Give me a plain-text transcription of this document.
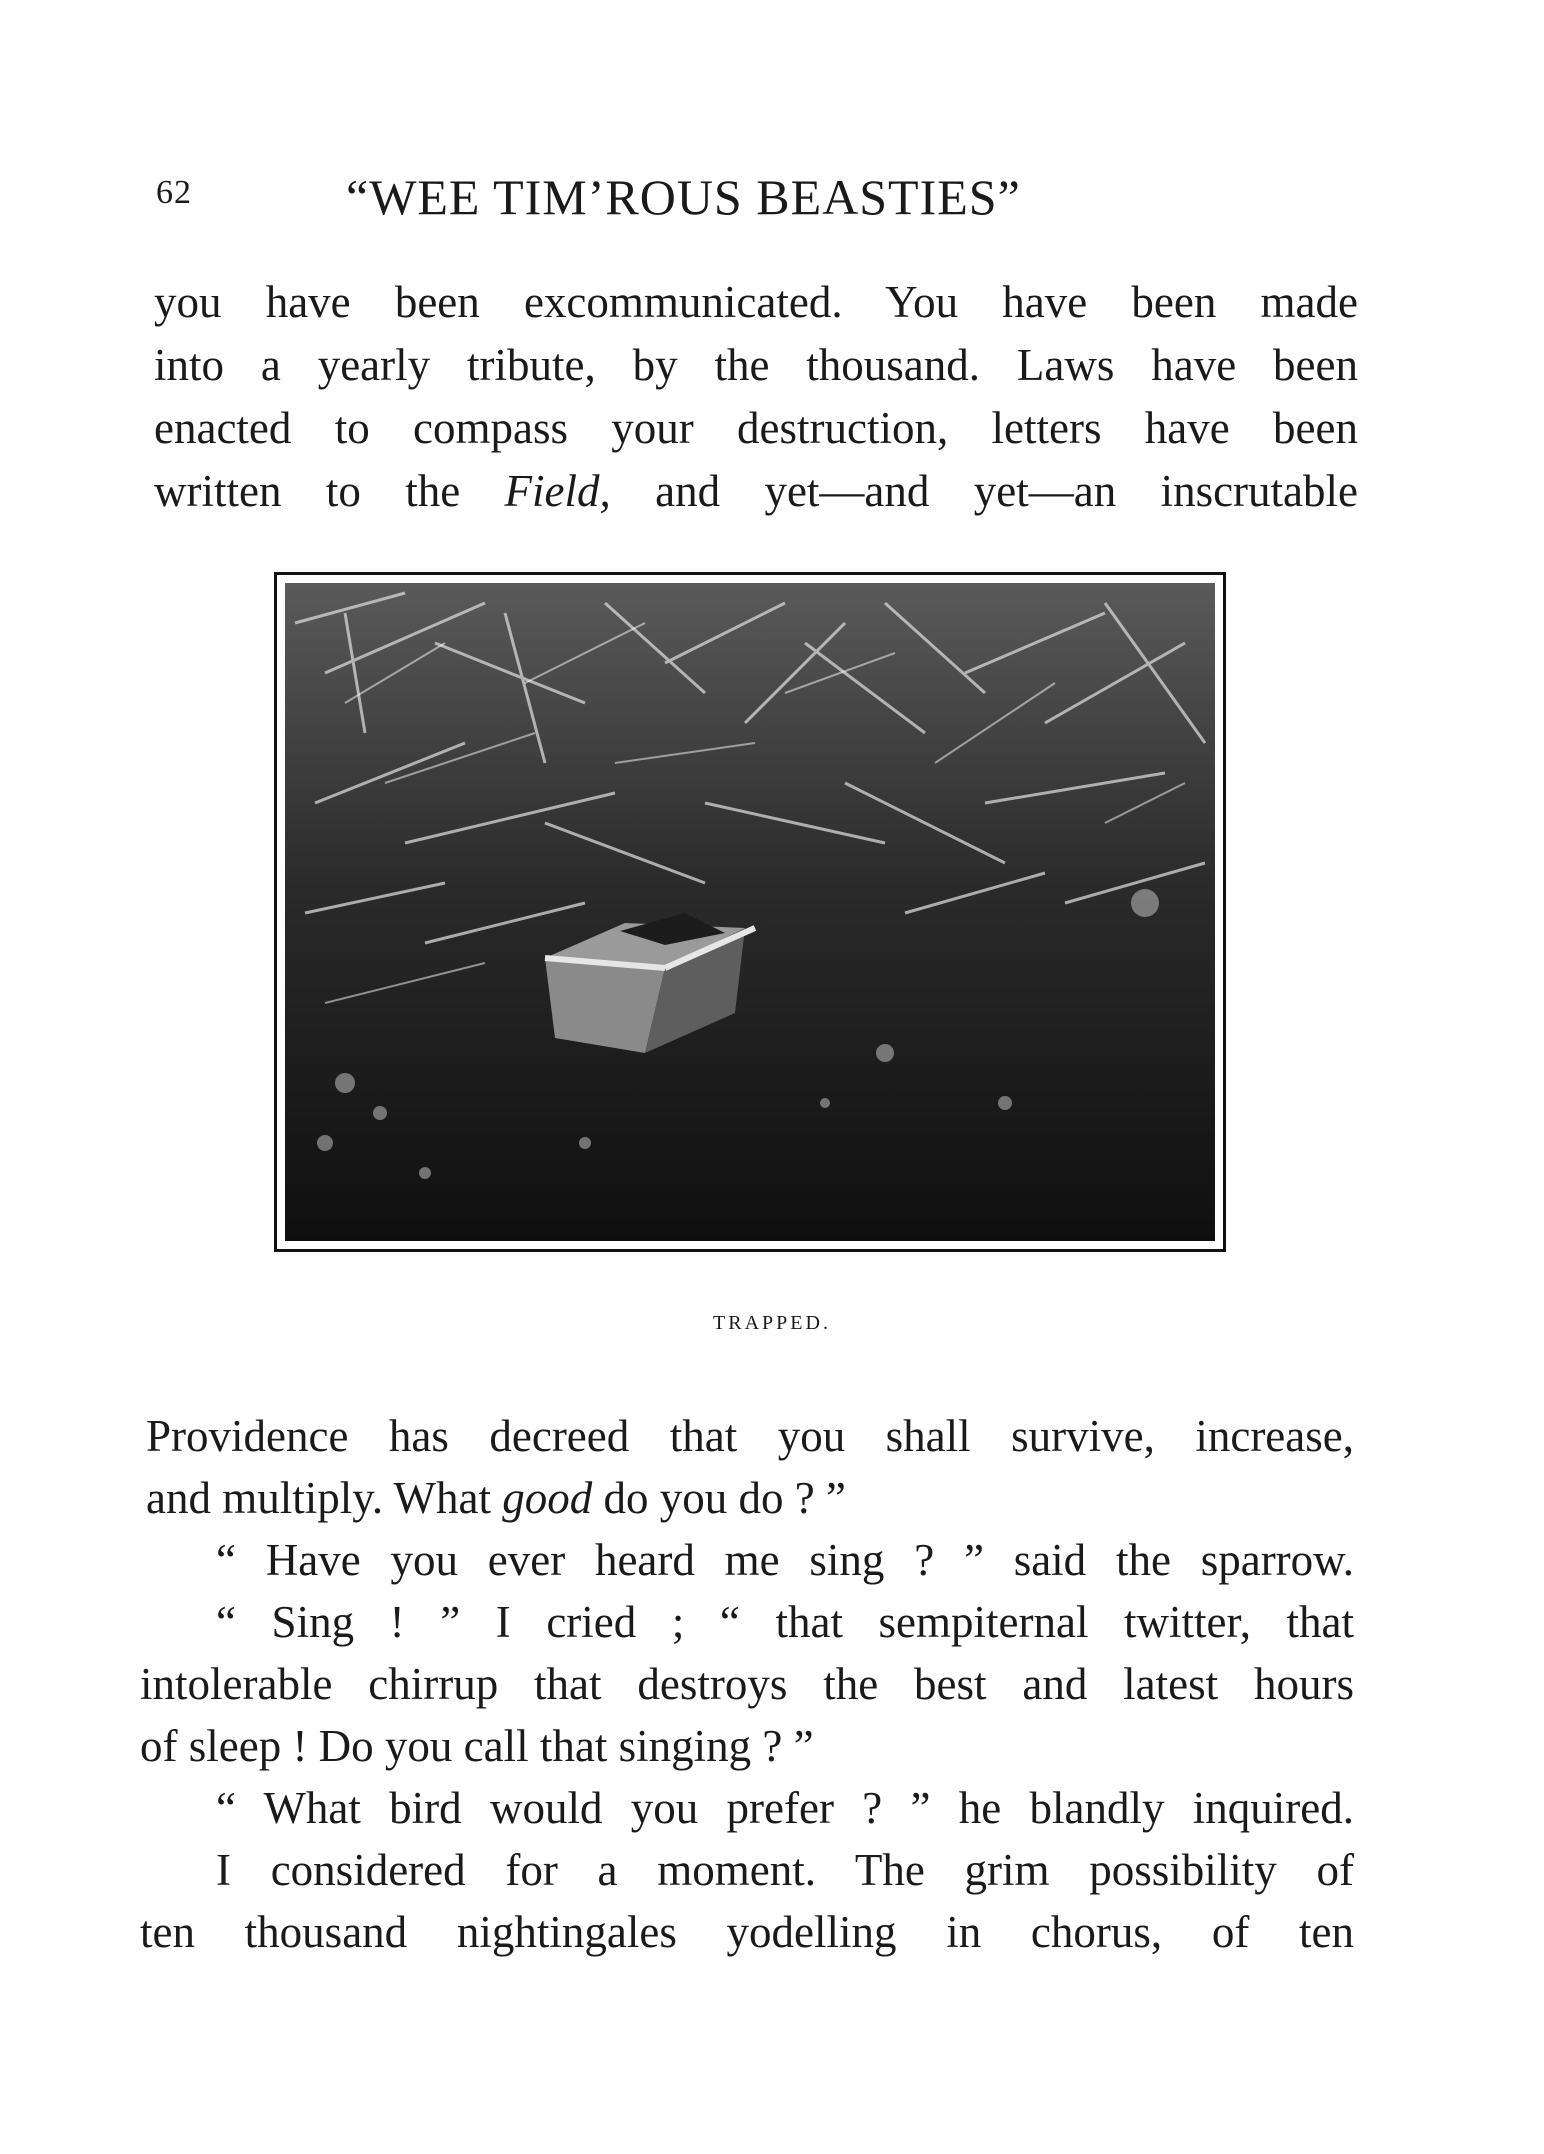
62	“WEE TIM’ROUS BEASTIES”
you have been excommunicated. You have been made
into a yearly tribute, by the thousand. Laws have been
enacted to compass your destruction, letters have been
written to the Field, and yet—and yet—an inscrutable
TRAPPED.
Providence has decreed that you shall survive, increase,
and multiply. What good do you do ? ”
“ Have you ever heard me sing ? ” said the sparrow.
“ Sing ! ” I cried ; “ that sempiternal twitter, that
intolerable chirrup that destroys the best and latest hours
of sleep ! Do you call that singing ? ”
“ What bird would you prefer ? ” he blandly inquired.
I considered for a moment. The grim possibility of
ten thousand nightingales yodelling in chorus, of ten
